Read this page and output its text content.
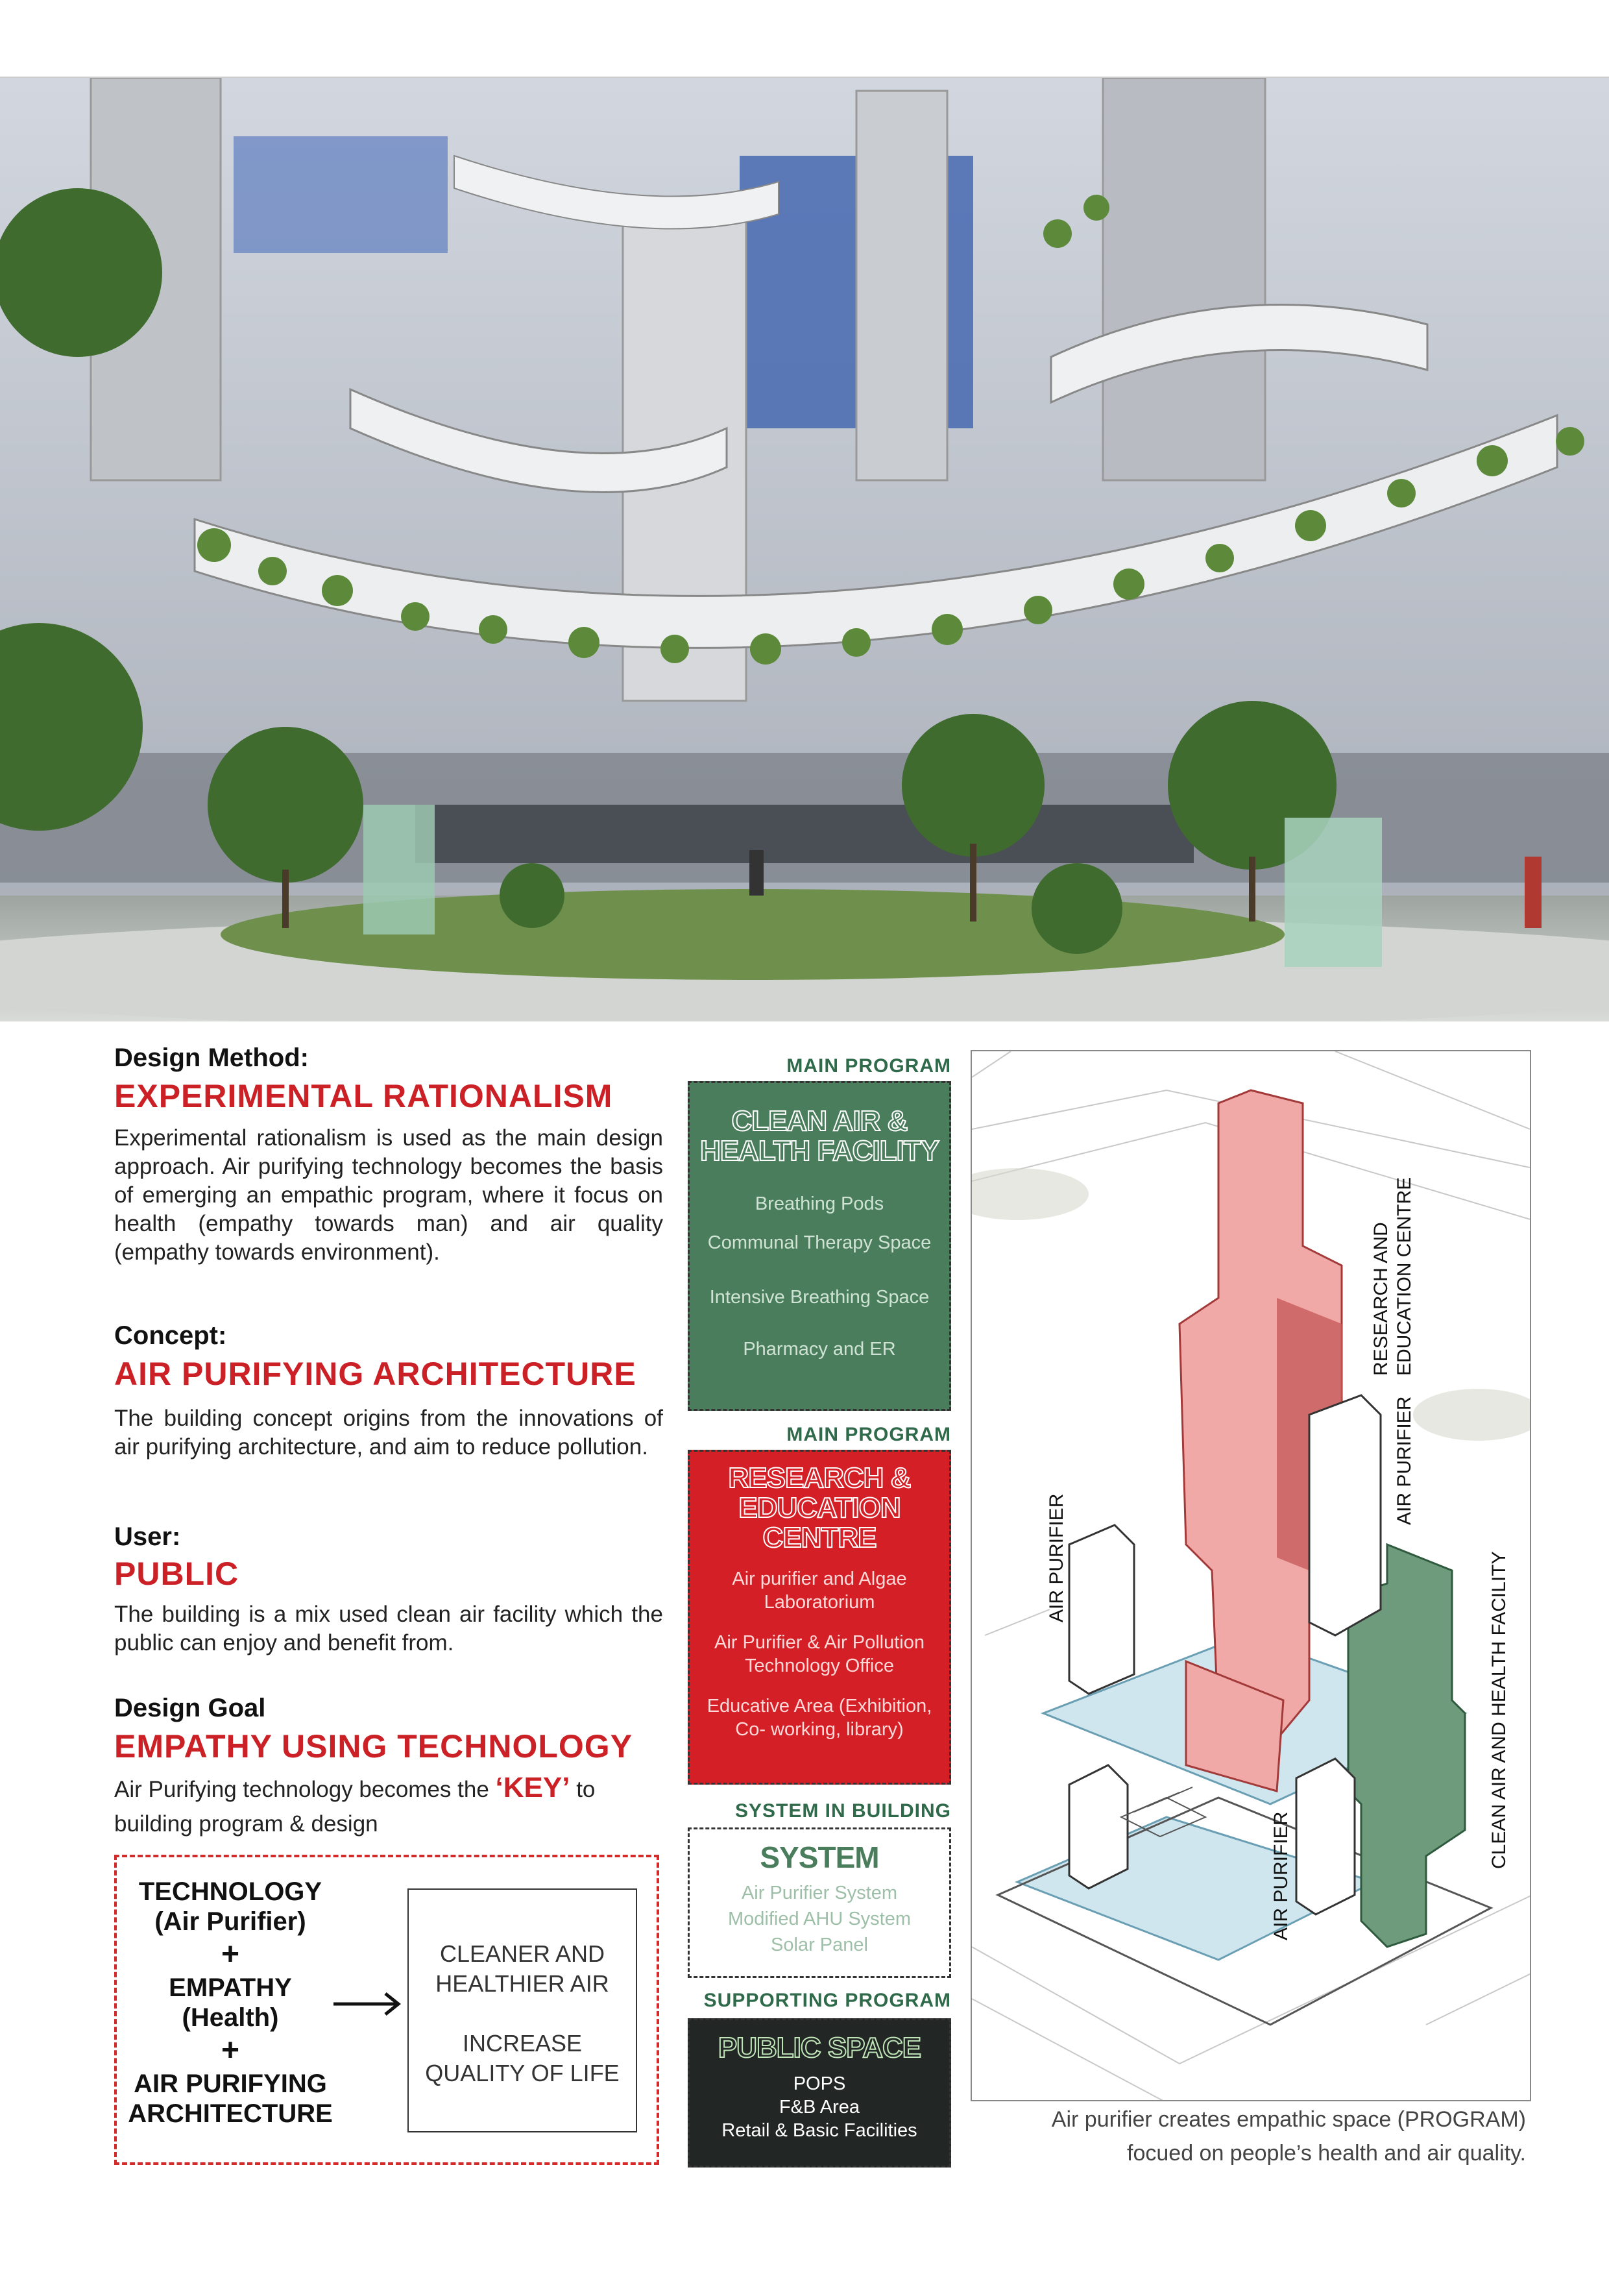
Design Method:
EXPERIMENTAL RATIONALISM
Experimental rationalism is used as the main design approach. Air purifying technology becomes the basis of emerging an empathic program, where it focus on health (empathy towards man) and air quality (empathy towards environment).
Concept:
AIR PURIFYING ARCHITECTURE
The building concept origins from the innovations of air purifying architecture, and aim to reduce pollution.
User:
PUBLIC
The building is a mix used clean air facility which the public can enjoy and benefit from.
Design Goal
EMPATHY USING TECHNOLOGY
Air Purifying technology becomes the ‘KEY’ to
building program & design
TECHNOLOGY
(Air Purifier)
+
EMPATHY
(Health)
+
AIR PURIFYING
ARCHITECTURE
CLEANER AND
HEALTHIER AIR
INCREASE
QUALITY OF LIFE
MAIN PROGRAM
CLEAN AIR &
HEALTH FACILITY
Breathing Pods
Communal Therapy Space
Intensive Breathing Space
Pharmacy and ER
MAIN PROGRAM
RESEARCH &
EDUCATION
CENTRE
Air purifier and Algae
Laboratorium
Air Purifier & Air Pollution
Technology Office
Educative Area (Exhibition,
Co- working, library)
SYSTEM IN BUILDING
SYSTEM
Air Purifier System
Modified AHU System
Solar Panel
SUPPORTING PROGRAM
PUBLIC SPACE
POPS
F&B Area
Retail & Basic Facilities
RESEARCH AND EDUCATION CENTRE
AIR PURIFIER
AIR PURIFIER
AIR PURIFIER
CLEAN AIR AND HEALTH FACILITY
Air purifier creates empathic space (PROGRAM)
focued on people’s health and air quality.
